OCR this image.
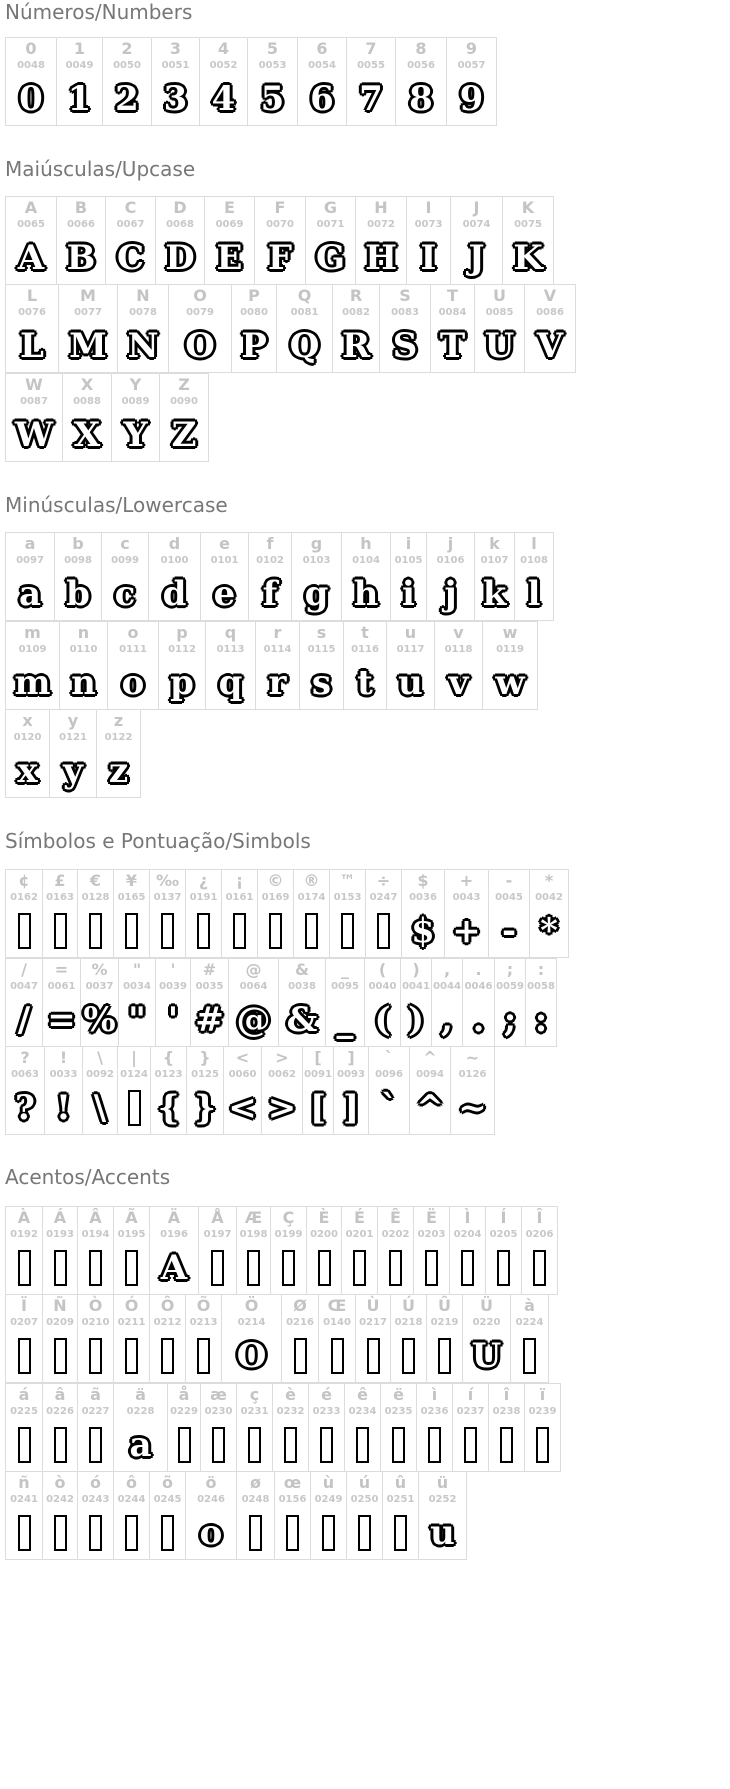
Números/Numbers
0
0048
0
1
0049
1
2
0050
2
3
0051
3
4
0052
4
5
0053
5
6
0054
6
7
0055
7
8
0056
8
9
0057
9
Maiúsculas/Upcase
A
0065
A
B
0066
B
C
0067
C
D
0068
D
E
0069
E
F
0070
F
G
0071
G
H
0072
H
I
0073
I
J
0074
J
K
0075
K
L
0076
L
M
0077
M
N
0078
N
O
0079
O
P
0080
P
Q
0081
Q
R
0082
R
S
0083
S
T
0084
T
U
0085
U
V
0086
V
W
0087
W
X
0088
X
Y
0089
Y
Z
0090
Z
Minúsculas/Lowercase
a
0097
a
b
0098
b
c
0099
c
d
0100
d
e
0101
e
f
0102
f
g
0103
g
h
0104
h
i
0105
i
j
0106
j
k
0107
k
l
0108
l
m
0109
m
n
0110
n
o
0111
o
p
0112
p
q
0113
q
r
0114
r
s
0115
s
t
0116
t
u
0117
u
v
0118
v
w
0119
w
x
0120
x
y
0121
y
z
0122
z
Símbolos e Pontuação/Simbols
¢
0162
£
0163
€
0128
¥
0165
‰
0137
¿
0191
¡
0161
©
0169
®
0174
™
0153
÷
0247
$
0036
$
+
0043
+
-
0045
-
*
0042
*
/
0047
/
=
0061
=
%
0037
%
"
0034
"
'
0039
'
#
0035
#
@
0064
@
&
0038
&
_
0095
_
(
0040
(
)
0041
)
,
0044
,
.
0046
.
;
0059
;
:
0058
:
?
0063
?
!
0033
!
\
0092
\
|
0124
{
0123
{
}
0125
}
<
0060
<
>
0062
>
[
0091
[
]
0093
]
`
0096
`
^
0094
^
~
0126
~
Acentos/Accents
À
0192
Á
0193
Â
0194
Ã
0195
Ä
0196
A
Å
0197
Æ
0198
Ç
0199
È
0200
É
0201
Ê
0202
Ë
0203
Ì
0204
Í
0205
Î
0206
Ï
0207
Ñ
0209
Ò
0210
Ó
0211
Ô
0212
Õ
0213
Ö
0214
O
Ø
0216
Œ
0140
Ù
0217
Ú
0218
Û
0219
Ü
0220
U
à
0224
á
0225
â
0226
ã
0227
ä
0228
a
å
0229
æ
0230
ç
0231
è
0232
é
0233
ê
0234
ë
0235
ì
0236
í
0237
î
0238
ï
0239
ñ
0241
ò
0242
ó
0243
ô
0244
õ
0245
ö
0246
o
ø
0248
œ
0156
ù
0249
ú
0250
û
0251
ü
0252
u
